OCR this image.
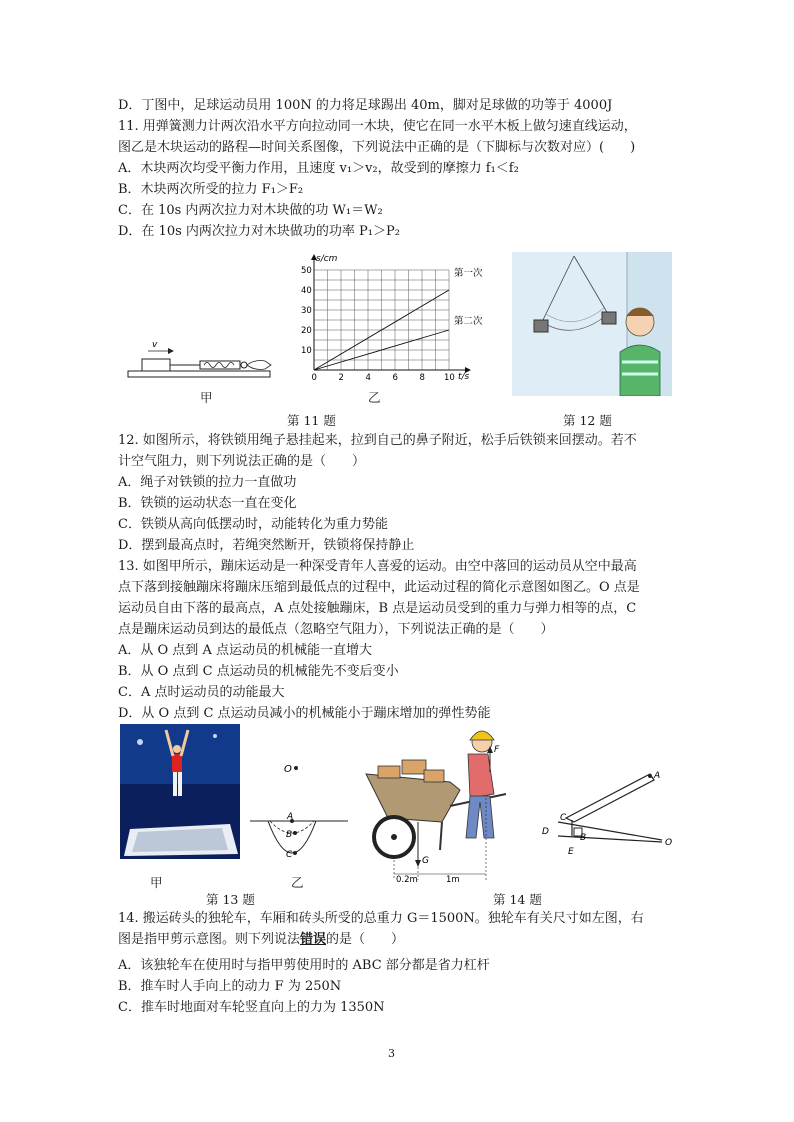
D．丁图中，足球运动员用 100N 的力将足球踢出 40m，脚对足球做的功等于 4000J
11. 用弹簧测力计两次沿水平方向拉动同一木块，使它在同一水平木板上做匀速直线运动，
图乙是木块运动的路程—时间关系图像，下列说法中正确的是（下脚标与次数对应）(　　)
A．木块两次均受平衡力作用，且速度 v₁＞v₂，故受到的摩擦力 f₁＜f₂
B．木块两次所受的拉力 F₁＞F₂
C．在 10s 内两次拉力对木块做的功 W₁＝W₂
D．在 10s 内两次拉力对木块做功的功率 P₁＞P₂
v
甲
0	2	4	6	8 10
10
20
30
40
50
s/cm
t/s
第一次
第二次
乙
第 11 题	第 12 题
12. 如图所示，将铁锁用绳子悬挂起来，拉到自己的鼻子附近，松手后铁锁来回摆动。若不
计空气阻力，则下列说法正确的是（　　）
A．绳子对铁锁的拉力一直做功
B．铁锁的运动状态一直在变化
C．铁锁从高向低摆动时，动能转化为重力势能
D．摆到最高点时，若绳突然断开，铁锁将保持静止
13. 如图甲所示，蹦床运动是一种深受青年人喜爱的运动。由空中落回的运动员从空中最高
点下落到接触蹦床将蹦床压缩到最低点的过程中，此运动过程的简化示意图如图乙。O 点是
运动员自由下落的最高点，A 点处接触蹦床，B 点是运动员受到的重力与弹力相等的点，C
点是蹦床运动员到达的最低点（忽略空气阻力），下列说法正确的是（　　）
A．从 O 点到 A 点运动员的机械能一直增大
B．从 O 点到 C 点运动员的机械能先不变后变小
C．A 点时运动员的动能最大
D．从 O 点到 C 点运动员减小的机械能小于蹦床增加的弹性势能
甲
O
A
B
C
乙
F
G
0.2m	1m
A
C
B
D
E
O
第 13 题	第 14 题
14. 搬运砖头的独轮车，车厢和砖头所受的总重力 G＝1500N。独轮车有关尺寸如左图，右
图是指甲剪示意图。则下列说法错误的是（　　）
A．该独轮车在使用时与指甲剪使用时的 ABC 部分都是省力杠杆
B．推车时人手向上的动力 F 为 250N
C．推车时地面对车轮竖直向上的力为 1350N
3
